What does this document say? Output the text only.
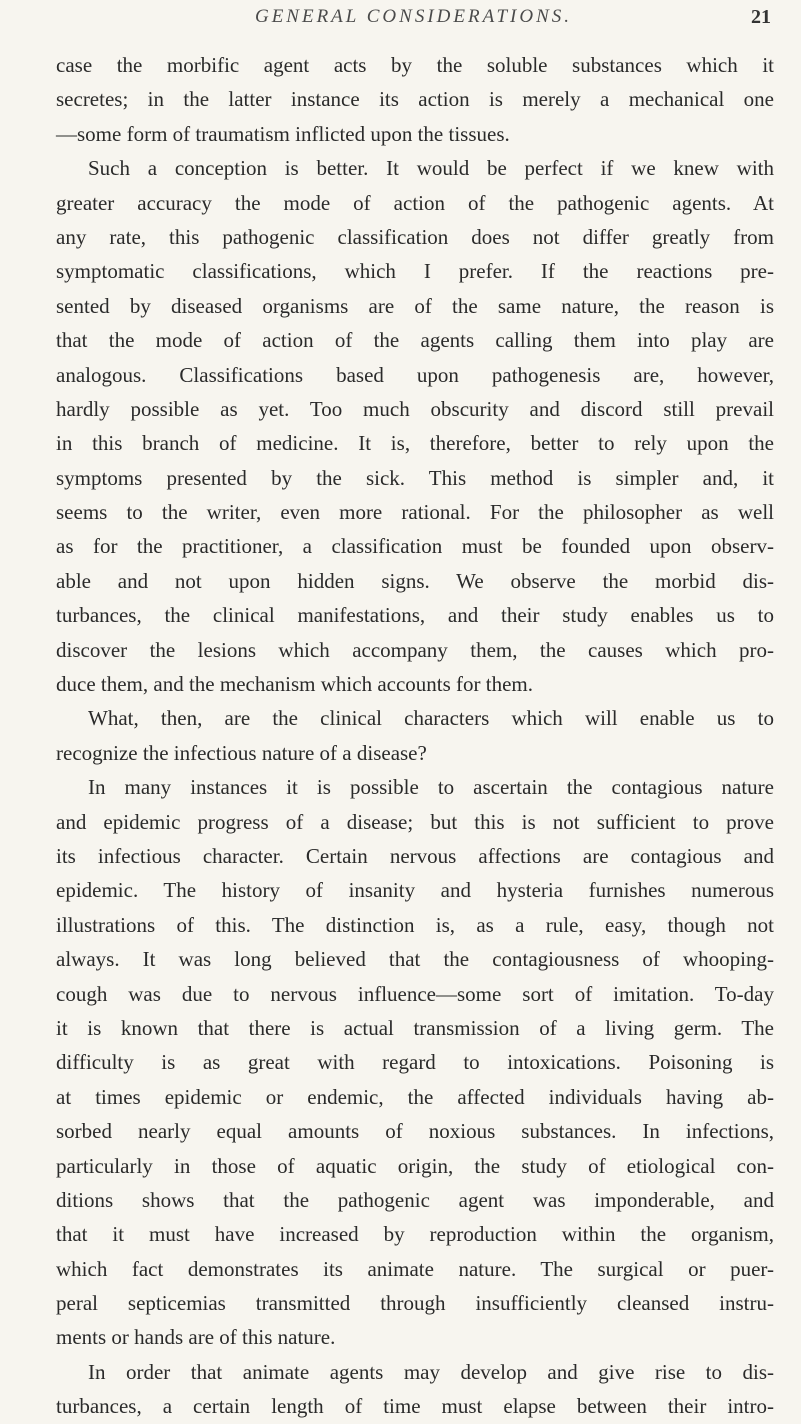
GENERAL CONSIDERATIONS.	21
case the morbific agent acts by the soluble substances which it
secretes; in the latter instance its action is merely a mechanical one
—some form of traumatism inflicted upon the tissues.
Such a conception is better. It would be perfect if we knew with
greater accuracy the mode of action of the pathogenic agents. At
any rate, this pathogenic classification does not differ greatly from
symptomatic classifications, which I prefer. If the reactions pre-
sented by diseased organisms are of the same nature, the reason is
that the mode of action of the agents calling them into play are
analogous. Classifications based upon pathogenesis are, however,
hardly possible as yet. Too much obscurity and discord still prevail
in this branch of medicine. It is, therefore, better to rely upon the
symptoms presented by the sick. This method is simpler and, it
seems to the writer, even more rational. For the philosopher as well
as for the practitioner, a classification must be founded upon observ-
able and not upon hidden signs. We observe the morbid dis-
turbances, the clinical manifestations, and their study enables us to
discover the lesions which accompany them, the causes which pro-
duce them, and the mechanism which accounts for them.
What, then, are the clinical characters which will enable us to
recognize the infectious nature of a disease?
In many instances it is possible to ascertain the contagious nature
and epidemic progress of a disease; but this is not sufficient to prove
its infectious character. Certain nervous affections are contagious and
epidemic. The history of insanity and hysteria furnishes numerous
illustrations of this. The distinction is, as a rule, easy, though not
always. It was long believed that the contagiousness of whooping-
cough was due to nervous influence—some sort of imitation. To-day
it is known that there is actual transmission of a living germ. The
difficulty is as great with regard to intoxications. Poisoning is
at times epidemic or endemic, the affected individuals having ab-
sorbed nearly equal amounts of noxious substances. In infections,
particularly in those of aquatic origin, the study of etiological con-
ditions shows that the pathogenic agent was imponderable, and
that it must have increased by reproduction within the organism,
which fact demonstrates its animate nature. The surgical or puer-
peral septicemias transmitted through insufficiently cleansed instru-
ments or hands are of this nature.
In order that animate agents may develop and give rise to dis-
turbances, a certain length of time must elapse between their intro-
